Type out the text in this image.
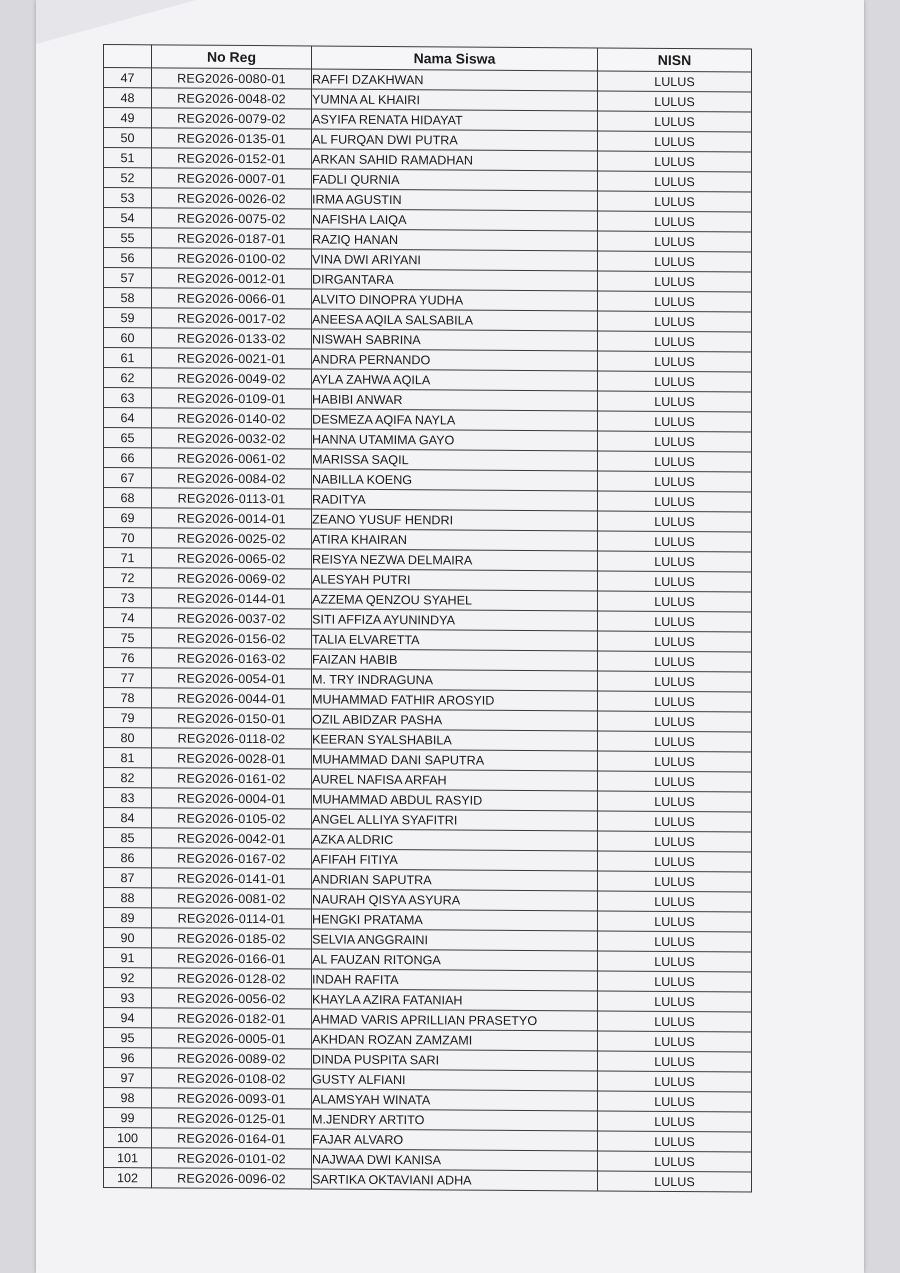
	No Reg	Nama Siswa	NISN
47	REG2026-0080-01	RAFFI DZAKHWAN	LULUS
48	REG2026-0048-02	YUMNA AL KHAIRI	LULUS
49	REG2026-0079-02	ASYIFA RENATA HIDAYAT	LULUS
50	REG2026-0135-01	AL FURQAN DWI PUTRA	LULUS
51	REG2026-0152-01	ARKAN SAHID RAMADHAN	LULUS
52	REG2026-0007-01	FADLI QURNIA	LULUS
53	REG2026-0026-02	IRMA AGUSTIN	LULUS
54	REG2026-0075-02	NAFISHA LAIQA	LULUS
55	REG2026-0187-01	RAZIQ HANAN	LULUS
56	REG2026-0100-02	VINA DWI ARIYANI	LULUS
57	REG2026-0012-01	DIRGANTARA	LULUS
58	REG2026-0066-01	ALVITO DINOPRA YUDHA	LULUS
59	REG2026-0017-02	ANEESA AQILA SALSABILA	LULUS
60	REG2026-0133-02	NISWAH SABRINA	LULUS
61	REG2026-0021-01	ANDRA PERNANDO	LULUS
62	REG2026-0049-02	AYLA ZAHWA AQILA	LULUS
63	REG2026-0109-01	HABIBI ANWAR	LULUS
64	REG2026-0140-02	DESMEZA AQIFA NAYLA	LULUS
65	REG2026-0032-02	HANNA UTAMIMA GAYO	LULUS
66	REG2026-0061-02	MARISSA SAQIL	LULUS
67	REG2026-0084-02	NABILLA KOENG	LULUS
68	REG2026-0113-01	RADITYA	LULUS
69	REG2026-0014-01	ZEANO YUSUF HENDRI	LULUS
70	REG2026-0025-02	ATIRA KHAIRAN	LULUS
71	REG2026-0065-02	REISYA NEZWA DELMAIRA	LULUS
72	REG2026-0069-02	ALESYAH PUTRI	LULUS
73	REG2026-0144-01	AZZEMA QENZOU SYAHEL	LULUS
74	REG2026-0037-02	SITI AFFIZA AYUNINDYA	LULUS
75	REG2026-0156-02	TALIA ELVARETTA	LULUS
76	REG2026-0163-02	FAIZAN HABIB	LULUS
77	REG2026-0054-01	M. TRY INDRAGUNA	LULUS
78	REG2026-0044-01	MUHAMMAD FATHIR AROSYID	LULUS
79	REG2026-0150-01	OZIL ABIDZAR PASHA	LULUS
80	REG2026-0118-02	KEERAN SYALSHABILA	LULUS
81	REG2026-0028-01	MUHAMMAD DANI SAPUTRA	LULUS
82	REG2026-0161-02	AUREL NAFISA ARFAH	LULUS
83	REG2026-0004-01	MUHAMMAD ABDUL RASYID	LULUS
84	REG2026-0105-02	ANGEL ALLIYA SYAFITRI	LULUS
85	REG2026-0042-01	AZKA ALDRIC	LULUS
86	REG2026-0167-02	AFIFAH FITIYA	LULUS
87	REG2026-0141-01	ANDRIAN SAPUTRA	LULUS
88	REG2026-0081-02	NAURAH QISYA ASYURA	LULUS
89	REG2026-0114-01	HENGKI PRATAMA	LULUS
90	REG2026-0185-02	SELVIA ANGGRAINI	LULUS
91	REG2026-0166-01	AL FAUZAN RITONGA	LULUS
92	REG2026-0128-02	INDAH RAFITA	LULUS
93	REG2026-0056-02	KHAYLA AZIRA FATANIAH	LULUS
94	REG2026-0182-01	AHMAD VARIS APRILLIAN PRASETYO	LULUS
95	REG2026-0005-01	AKHDAN ROZAN ZAMZAMI	LULUS
96	REG2026-0089-02	DINDA PUSPITA SARI	LULUS
97	REG2026-0108-02	GUSTY ALFIANI	LULUS
98	REG2026-0093-01	ALAMSYAH WINATA	LULUS
99	REG2026-0125-01	M.JENDRY ARTITO	LULUS
100	REG2026-0164-01	FAJAR ALVARO	LULUS
101	REG2026-0101-02	NAJWAA DWI KANISA	LULUS
102	REG2026-0096-02	SARTIKA OKTAVIANI ADHA	LULUS
